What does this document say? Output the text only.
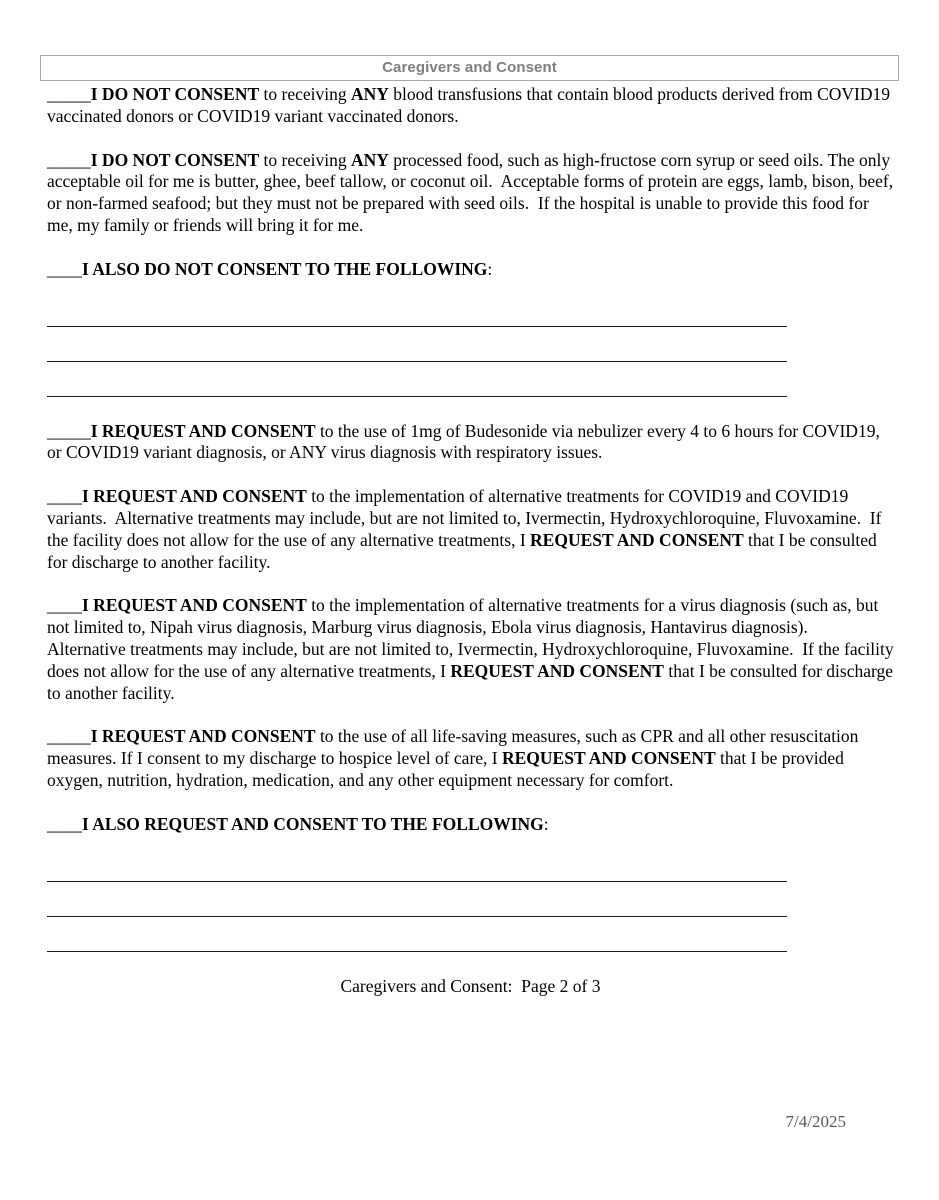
Caregivers and Consent

_____I DO NOT CONSENT to receiving ANY blood transfusions that contain blood products derived from COVID19 vaccinated donors or COVID19 variant vaccinated donors.

_____I DO NOT CONSENT to receiving ANY processed food, such as high-fructose corn syrup or seed oils. The only acceptable oil for me is butter, ghee, beef tallow, or coconut oil.  Acceptable forms of protein are eggs, lamb, bison, beef, or non-farmed seafood; but they must not be prepared with seed oils.  If the hospital is unable to provide this food for me, my family or friends will bring it for me.

____I ALSO DO NOT CONSENT TO THE FOLLOWING:

_____I REQUEST AND CONSENT to the use of 1mg of Budesonide via nebulizer every 4 to 6 hours for COVID19, or COVID19 variant diagnosis, or ANY virus diagnosis with respiratory issues.

____I REQUEST AND CONSENT to the implementation of alternative treatments for COVID19 and COVID19 variants.  Alternative treatments may include, but are not limited to, Ivermectin, Hydroxychloroquine, Fluvoxamine.  If the facility does not allow for the use of any alternative treatments, I REQUEST AND CONSENT that I be consulted for discharge to another facility.

____I REQUEST AND CONSENT to the implementation of alternative treatments for a virus diagnosis (such as, but not limited to, Nipah virus diagnosis, Marburg virus diagnosis, Ebola virus diagnosis, Hantavirus diagnosis).  Alternative treatments may include, but are not limited to, Ivermectin, Hydroxychloroquine, Fluvoxamine.  If the facility does not allow for the use of any alternative treatments, I REQUEST AND CONSENT that I be consulted for discharge to another facility.

_____I REQUEST AND CONSENT to the use of all life-saving measures, such as CPR and all other resuscitation measures. If I consent to my discharge to hospice level of care, I REQUEST AND CONSENT that I be provided oxygen, nutrition, hydration, medication, and any other equipment necessary for comfort.

____I ALSO REQUEST AND CONSENT TO THE FOLLOWING:

Caregivers and Consent:  Page 2 of 3

7/4/2025
